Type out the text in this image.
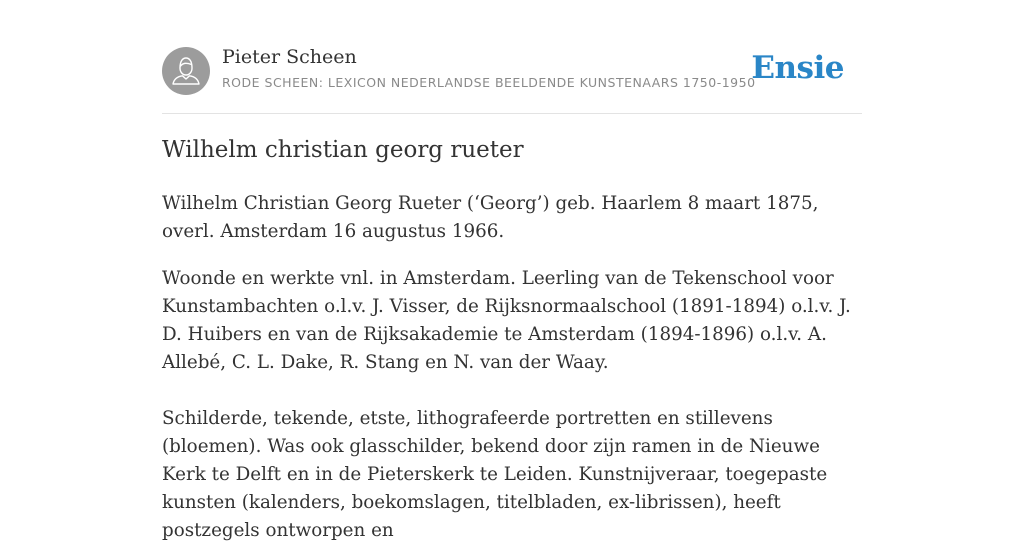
Pieter Scheen
RODE SCHEEN: LEXICON NEDERLANDSE BEELDENDE KUNSTENAARS 1750-1950
Ensie
Wilhelm christian georg rueter

Wilhelm Christian Georg Rueter (‘Georg’) geb. Haarlem 8 maart 1875, overl. Amsterdam 16 augustus 1966.

Woonde en werkte vnl. in Amsterdam. Leerling van de Tekenschool voor Kunstambachten o.l.v. J. Visser, de Rijksnormaalschool (1891-1894) o.l.v. J. D. Huibers en van de Rijksakademie te Amsterdam (1894-1896) o.l.v. A. Allebé, C. L. Dake, R. Stang en N. van der Waay.

Schilderde, tekende, etste, lithografeerde portretten en stillevens (bloemen). Was ook glasschilder, bekend door zijn ramen in de Nieuwe Kerk te Delft en in de Pieterskerk te Leiden. Kunstnijveraar, toegepaste kunsten (kalenders, boekomslagen, titelbladen, ex-librissen), heeft postzegels ontworpen en
